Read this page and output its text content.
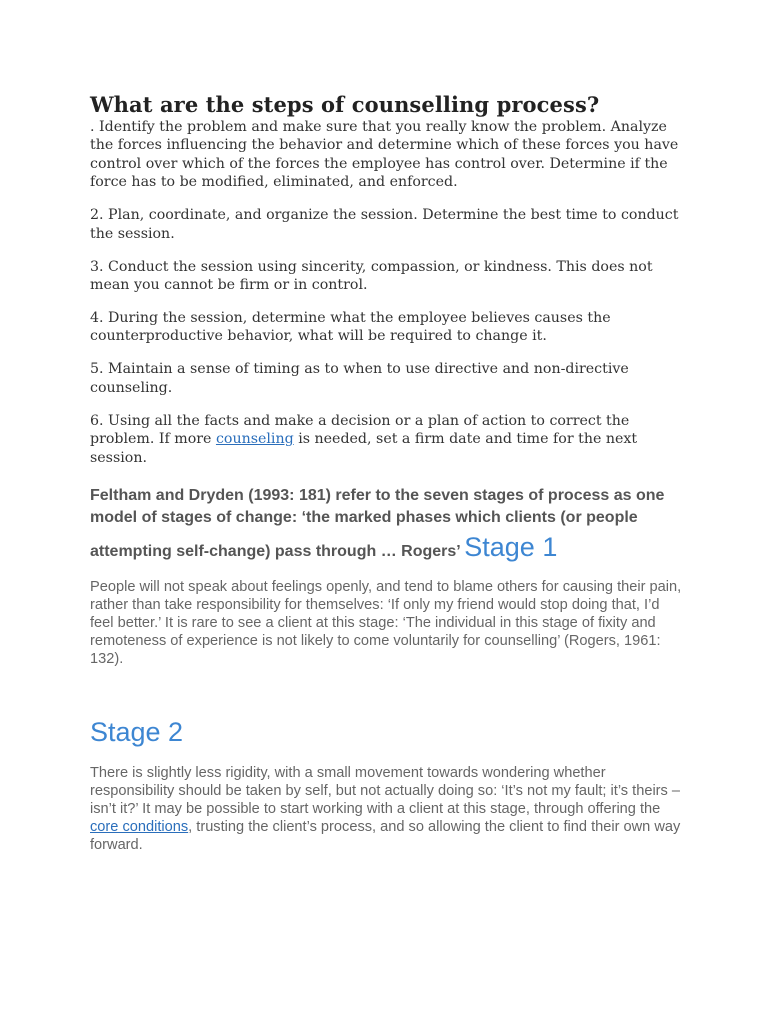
What are the steps of counselling process?

. Identify the problem and make sure that you really know the problem. Analyze the forces influencing the behavior and determine which of these forces you have control over which of the forces the employee has control over. Determine if the force has to be modified, eliminated, and enforced.

2. Plan, coordinate, and organize the session. Determine the best time to conduct the session.

3. Conduct the session using sincerity, compassion, or kindness. This does not mean you cannot be firm or in control.

4. During the session, determine what the employee believes causes the counterproductive behavior, what will be required to change it.

5. Maintain a sense of timing as to when to use directive and non-directive counseling.

6. Using all the facts and make a decision or a plan of action to correct the problem. If more counseling is needed, set a firm date and time for the next session.

Feltham and Dryden (1993: 181) refer to the seven stages of process as one model of stages of change: ‘the marked phases which clients (or people attempting self-change) pass through … Rogers’ Stage 1

People will not speak about feelings openly, and tend to blame others for causing their pain, rather than take responsibility for themselves: ‘If only my friend would stop doing that, I’d feel better.’ It is rare to see a client at this stage: ‘The individual in this stage of fixity and remoteness of experience is not likely to come voluntarily for counselling’ (Rogers, 1961: 132).

Stage 2

There is slightly less rigidity, with a small movement towards wondering whether responsibility should be taken by self, but not actually doing so: ‘It’s not my fault; it’s theirs – isn’t it?’ It may be possible to start working with a client at this stage, through offering the core conditions, trusting the client’s process, and so allowing the client to find their own way forward.
